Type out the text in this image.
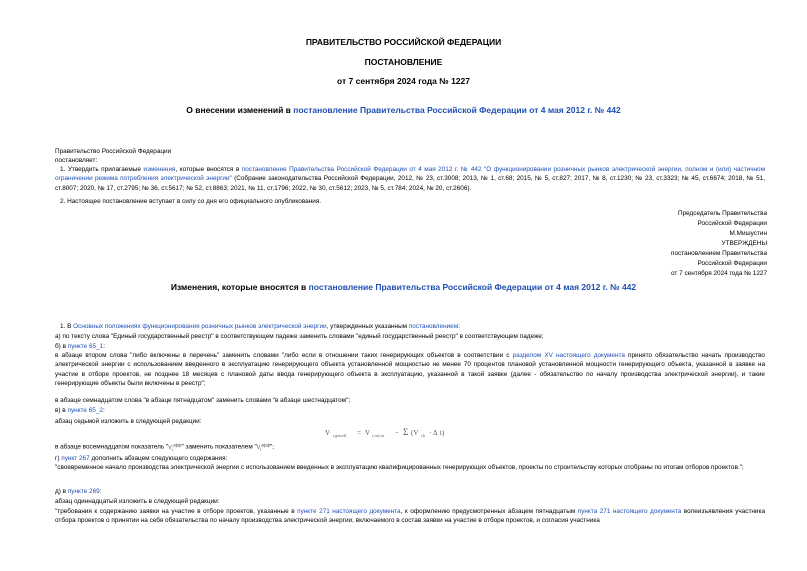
ПРАВИТЕЛЬСТВО РОССИЙСКОЙ ФЕДЕРАЦИИ
ПОСТАНОВЛЕНИЕ
от 7 сентября 2024 года № 1227
О внесении изменений в постановление Правительства Российской Федерации от 4 мая 2012 г. № 442
Правительство Российской Федерации
постановляет:
1. Утвердить прилагаемые изменения, которые вносятся в постановление Правительства Российской Федерации от 4 мая 2012 г. № 442 "О функционировании розничных рынков электрической энергии, полном и (или) частичном ограничении режима потребления электрической энергии" (Собрание законодательства Российской Федерации, 2012, № 23, ст.3008; 2013, № 1, ст.68; 2015, № 5, ст.827; 2017, № 8, ст.1230; № 23, ст.3323; № 45, ст.6674; 2018, № 51, ст.8007; 2020, № 17, ст.2795; № 36, ст.5617; № 52, ст.8863; 2021, № 11, ст.1796; 2022, № 30, ст.5612; 2023, № 5, ст.784; 2024, № 20, ст.2606).
2. Настоящее постановление вступает в силу со дня его официального опубликования.
Председатель Правительства
Российской Федерации
М.Мишустин
УТВЕРЖДЕНЫ
постановлением Правительства
Российской Федерации
от 7 сентября 2024 года № 1227
Изменения, которые вносятся в постановление Правительства Российской Федерации от 4 мая 2012 г. № 442
1. В Основных положениях функционирования розничных рынков электрической энергии, утвержденных указанным постановлением:
а) по тексту слова "Единый государственный реестр" в соответствующем падеже заменить словами "единый государственный реестр" в соответствующем падеже;
б) в пункте 65_1:
в абзаце втором слова "либо включены в перечень" заменить словами "либо если в отношении таких генерирующих объектов в соответствии с разделом XV настоящего документа принято обязательство начать производство электрической энергии с использованием введенного в эксплуатацию генерирующего объекта установленной мощностью не менее 70 процентов плановой установленной мощности генерирующего объекта, указанной в заявке на участие в отборе проектов, не позднее 18 месяцев с плановой даты ввода генерирующего объекта в эксплуатацию, указанной в такой заявке (далее - обязательство по началу производства электрической энергии), и такие генерирующие объекты были включены в реестр";
в абзаце семнадцатом слова "в абзаце пятнадцатом" заменить словами "в абзаце шестнадцатом";
в) в пункте 65_2:
абзац седьмой изложить в следующей редакции:
V i,gen,eff = V i,vol,str − Σ (V i,k · Δ t)
в абзаце восемнадцатом показатель "$V_i^{эфф}$" заменить показателем "$V_i^{эфф}$";
г) пункт 267 дополнить абзацем следующего содержания:
"своевременное начало производства электрической энергии с использованием введенных в эксплуатацию квалифицированных генерирующих объектов, проекты по строительству которых отобраны по итогам отборов проектов.";
д) в пункте 269:
абзац одиннадцатый изложить в следующей редакции:
"требования к содержанию заявки на участие в отборе проектов, указанные в пункте 271 настоящего документа, к оформлению предусмотренных абзацем пятнадцатым пункта 271 настоящего документа волеизъявления участника отбора проектов о принятии на себя обязательства по началу производства электрической энергии, включаемого в состав заявки на участие в отборе проектов, и согласия участника
